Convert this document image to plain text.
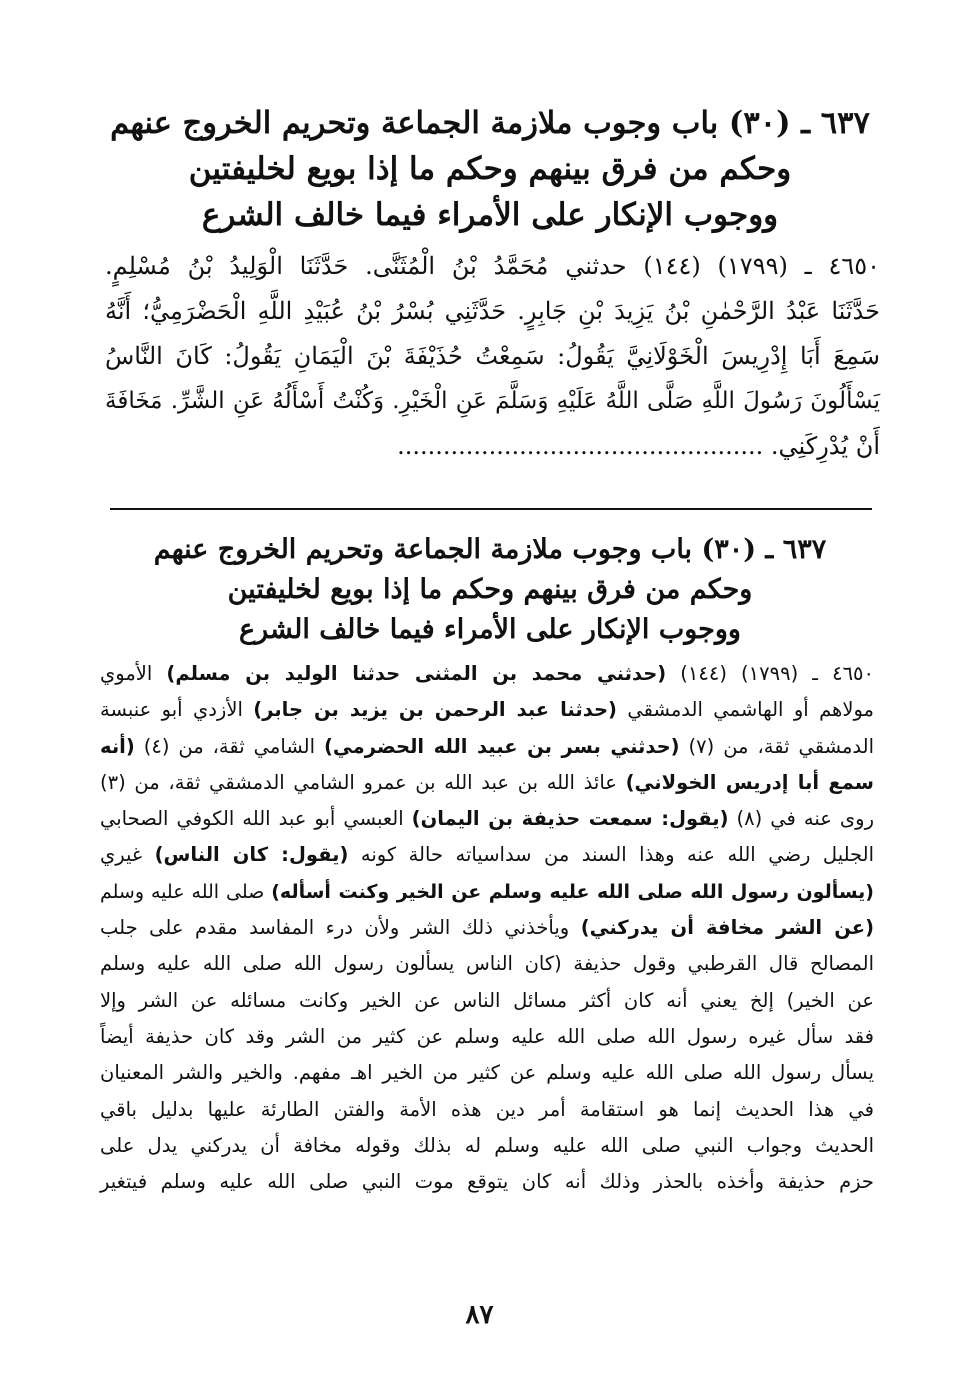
٦٣٧ ـ (٣٠) باب وجوب ملازمة الجماعة وتحريم الخروج عنهم
وحكم من فرق بينهم وحكم ما إذا بويع لخليفتين
ووجوب الإنكار على الأمراء فيما خالف الشرع
٤٦٥٠ ـ (١٧٩٩) (١٤٤) حدثني مُحَمَّدُ بْنُ الْمُثَنَّى. حَدَّثَنَا الْوَلِيدُ بْنُ مُسْلِمٍ.
حَدَّثَنَا عَبْدُ الرَّحْمٰنِ بْنُ يَزِيدَ بْنِ جَابِرٍ. حَدَّثَنِي بُسْرُ بْنُ عُبَيْدِ اللَّهِ الْحَضْرَمِيُّ؛ أَنَّهُ
سَمِعَ أَبَا إِدْرِيسَ الْخَوْلَانِيَّ يَقُولُ: سَمِعْتُ حُذَيْفَةَ بْنَ الْيَمَانِ يَقُولُ: كَانَ النَّاسُ
يَسْأَلُونَ رَسُولَ اللَّهِ صَلَّى اللَّهُ عَلَيْهِ وَسَلَّمَ عَنِ الْخَيْرِ. وَكُنْتُ أَسْأَلُهُ عَنِ الشَّرِّ. مَخَافَةَ
أَنْ يُدْرِكَنِي. ................................................
٦٣٧ ـ (٣٠) باب وجوب ملازمة الجماعة وتحريم الخروج عنهم
وحكم من فرق بينهم وحكم ما إذا بويع لخليفتين
ووجوب الإنكار على الأمراء فيما خالف الشرع
٤٦٥٠ ـ (١٧٩٩) (١٤٤) (حدثني محمد بن المثنى حدثنا الوليد بن مسلم) الأموي
مولاهم أو الهاشمي الدمشقي (حدثنا عبد الرحمن بن يزيد بن جابر) الأزدي أبو عنبسة
الدمشقي ثقة، من (٧) (حدثني بسر بن عبيد الله الحضرمي) الشامي ثقة، من (٤) (أنه
سمع أبا إدريس الخولاني) عائذ الله بن عبد الله بن عمرو الشامي الدمشقي ثقة، من (٣)
روى عنه في (٨) (يقول: سمعت حذيفة بن اليمان) العبسي أبو عبد الله الكوفي الصحابي
الجليل رضي الله عنه وهذا السند من سداسياته حالة كونه (يقول: كان الناس) غيري
(يسألون رسول الله صلى الله عليه وسلم عن الخير وكنت أسأله) صلى الله عليه وسلم
(عن الشر مخافة أن يدركني) ويأخذني ذلك الشر ولأن درء المفاسد مقدم على جلب
المصالح قال القرطبي وقول حذيفة (كان الناس يسألون رسول الله صلى الله عليه وسلم
عن الخير) إلخ يعني أنه كان أكثر مسائل الناس عن الخير وكانت مسائله عن الشر وإلا
فقد سأل غيره رسول الله صلى الله عليه وسلم عن كثير من الشر وقد كان حذيفة أيضاً
يسأل رسول الله صلى الله عليه وسلم عن كثير من الخير اهـ مفهم. والخير والشر المعنيان
في هذا الحديث إنما هو استقامة أمر دين هذه الأمة والفتن الطارئة عليها بدليل باقي
الحديث وجواب النبي صلى الله عليه وسلم له بذلك وقوله مخافة أن يدركني يدل على
حزم حذيفة وأخذه بالحذر وذلك أنه كان يتوقع موت النبي صلى الله عليه وسلم فيتغير
٨٧
